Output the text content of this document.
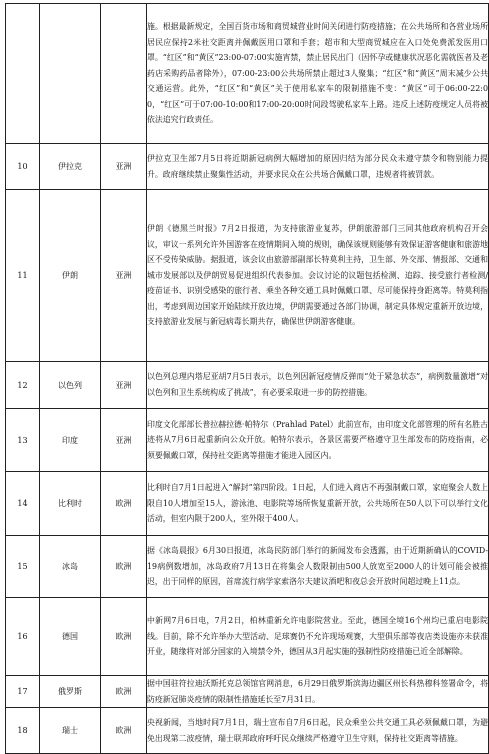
			施。根据最新规定，全国百货市场和商贸城营业时间关闭进行防疫措施；在公共场所和各营业场所居民应保持2米社交距离并佩戴医用口罩和手套；超市和大型商贸城应在入口处免费派发医用口罩。“红区”和“黄区”23:00-07:00实施宵禁，禁止居民出门（因怀孕或健康状况恶化需就医者及老药店采购药品者除外），07:00-23:00公共场所禁止超过3人聚集；“红区”和“黄区”周末减少公共交通运营。此外，“红区”和“黄区”关于使用私家车的限制措施不变：“黄区”可于06:00-22:00，“红区”可于07:00-10:00和17:00-20:00时间段驾驶私家车上路。违反上述防疫规定人员将被依法追究行政责任。
10	伊拉克	亚洲	伊拉克卫生部7月5日将近期新冠病例大幅增加的原因归结为部分民众未遵守禁令和物别能力提升。政府继续禁止聚集性活动，并要求民众在公共场合佩戴口罩，违规者将被罚款。
11	伊朗	亚洲	伊朗《德黑兰时报》7月2日报道，为支持旅游业复苏，伊朗旅游部门三同其他政府机构召开会议，审议一系列允许外国游客在疫情期间入境的规则，确保该规则能够有效保证游客健康和旅游地区不受传染威胁。据报道，该会议由旅游部副部长特莫利主持，卫生部、外交部、情报部、交通和城市发展部以及伊朗贸易促进组织代表参加。会议讨论的议题包括检测、追踪、接受旅行者检测/疫苗证书、识别受感染的旅行者、乘坐各种交通工具时佩戴口罩、尽可能保持身距离等。特莫利指出，考虑到周边国家开始陆续开放边境，伊朗需要通过各部门协调，制定具体规定重新开放边境，支持旅游业发展与新冠病毒长期共存，确保世伊朗游客健康。
12	以色列	亚洲	以色列总理内塔尼亚胡7月5日表示，以色列因新冠疫情反弹而“处于紧急状态”，病例数量激增“对以色列和卫生系统构成了挑战”，有必要采取进一步的防控措施。
13	印度	亚洲	印度文化部部长普拉赫拉德·帕特尔（Prahlad Patel）此前宣布，由印度文化部管理的所有名胜古迹将从7月6日起重新向公众开放。帕特尔表示，各景区需要严格遵守卫生部发布的防疫指南，必须要佩戴口罩，保持社交距离等措施才能进入园区内。
14	比利时	欧洲	比利时自7月1日起进入“解封”第四阶段。1日起，人们进入商店不再强制戴口罩，家庭聚会人数上限自10人增加至15人，游泳池、电影院等场所恢复重新开放，公共场所在50人以下可以举行文化活动，但室内限于200人，室外限于400人。
15	冰岛	欧洲	据《冰岛晨报》6月30日报道，冰岛民防部门举行的新闻发布会透露，由于近期新确认的COVID-19病例数增加，冰岛政府7月13日在将集会人数限制由500人放宽至2000人的计划可能会被推迟，出于同样的原因，首席流行病学家索洛尔夫建议酒吧和夜总会开放时间超过晚上11点。
16	德国	欧洲	中新网7月6日电，7月2日，柏林重新允许电影院营业。至此，德国全境16个州均已重启电影院线。目前，除不允许举办大型活动、足球赛仍不允许现场观赛，大型俱乐部等夜店类设施亦未获准开业，随缘将对部分国家的入境禁令外，德国从3月起实施的强制性防疫措施已近全部解除。
17	俄罗斯	欧洲	据中国驻符拉迪沃斯托克总领馆官网消息，6月29日俄罗斯滨海边疆区州长科热穆科签署命令，将防疫新冠肺炎疫情的限制性措施延长至7月31日。
18	瑞士	欧洲	央视新闻，当地时间7月1日，瑞士宣布自7月6日起，民众乘坐公共交通工具必须佩戴口罩，为避免出现第二波疫情，瑞士联邦政府呼吁民众继续严格遵守卫生守则，保持社交距离等措施。
